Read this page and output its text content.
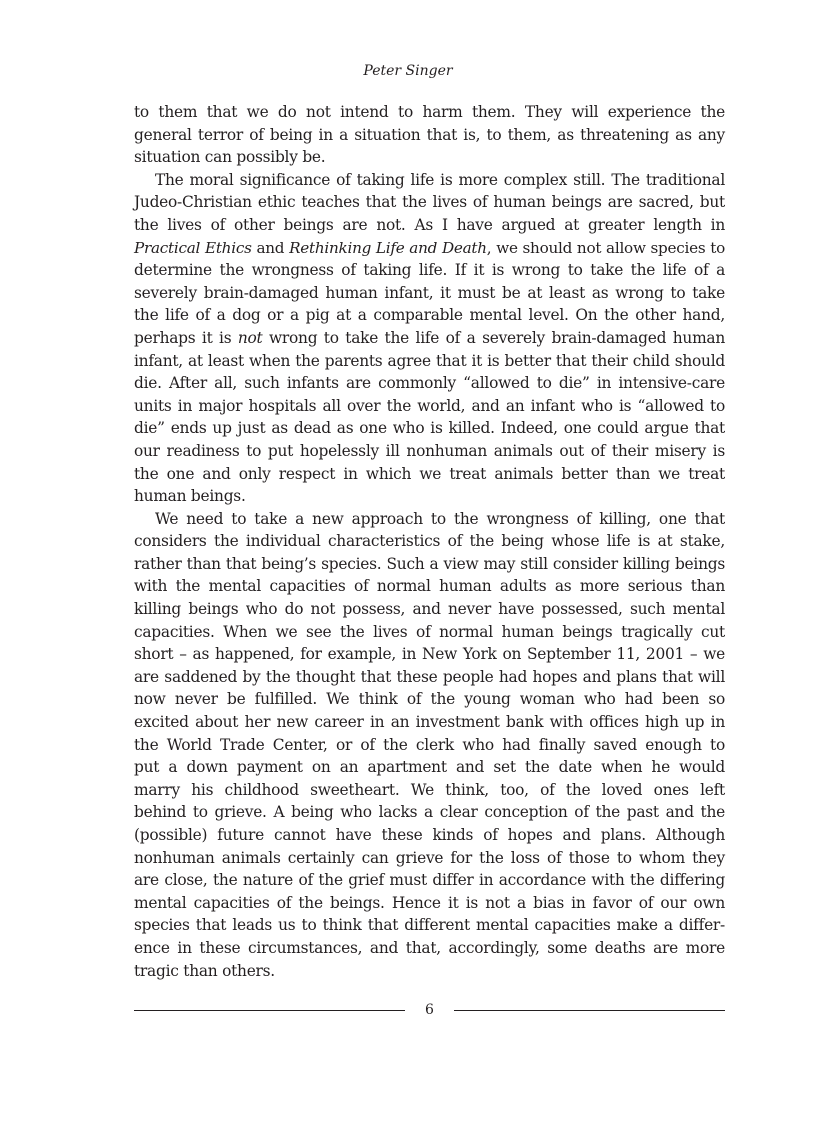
Peter Singer
to them that we do not intend to harm them. They will experience the
general terror of being in a situation that is, to them, as threatening as any
situation can possibly be.
The moral significance of taking life is more complex still. The traditional
Judeo-Christian ethic teaches that the lives of human beings are sacred, but
the lives of other beings are not. As I have argued at greater length in
Practical Ethics and Rethinking Life and Death, we should not allow species to
determine the wrongness of taking life. If it is wrong to take the life of a
severely brain-damaged human infant, it must be at least as wrong to take
the life of a dog or a pig at a comparable mental level. On the other hand,
perhaps it is not wrong to take the life of a severely brain-damaged human
infant, at least when the parents agree that it is better that their child should
die. After all, such infants are commonly “allowed to die” in intensive-care
units in major hospitals all over the world, and an infant who is “allowed to
die” ends up just as dead as one who is killed. Indeed, one could argue that
our readiness to put hopelessly ill nonhuman animals out of their misery is
the one and only respect in which we treat animals better than we treat
human beings.
We need to take a new approach to the wrongness of killing, one that
considers the individual characteristics of the being whose life is at stake,
rather than that being’s species. Such a view may still consider killing beings
with the mental capacities of normal human adults as more serious than
killing beings who do not possess, and never have possessed, such mental
capacities. When we see the lives of normal human beings tragically cut
short – as happened, for example, in New York on September 11, 2001 – we
are saddened by the thought that these people had hopes and plans that will
now never be fulfilled. We think of the young woman who had been so
excited about her new career in an investment bank with offices high up in
the World Trade Center, or of the clerk who had finally saved enough to
put a down payment on an apartment and set the date when he would
marry his childhood sweetheart. We think, too, of the loved ones left
behind to grieve. A being who lacks a clear conception of the past and the
(possible) future cannot have these kinds of hopes and plans. Although
nonhuman animals certainly can grieve for the loss of those to whom they
are close, the nature of the grief must differ in accordance with the differing
mental capacities of the beings. Hence it is not a bias in favor of our own
species that leads us to think that different mental capacities make a differ-
ence in these circumstances, and that, accordingly, some deaths are more
tragic than others.
6
